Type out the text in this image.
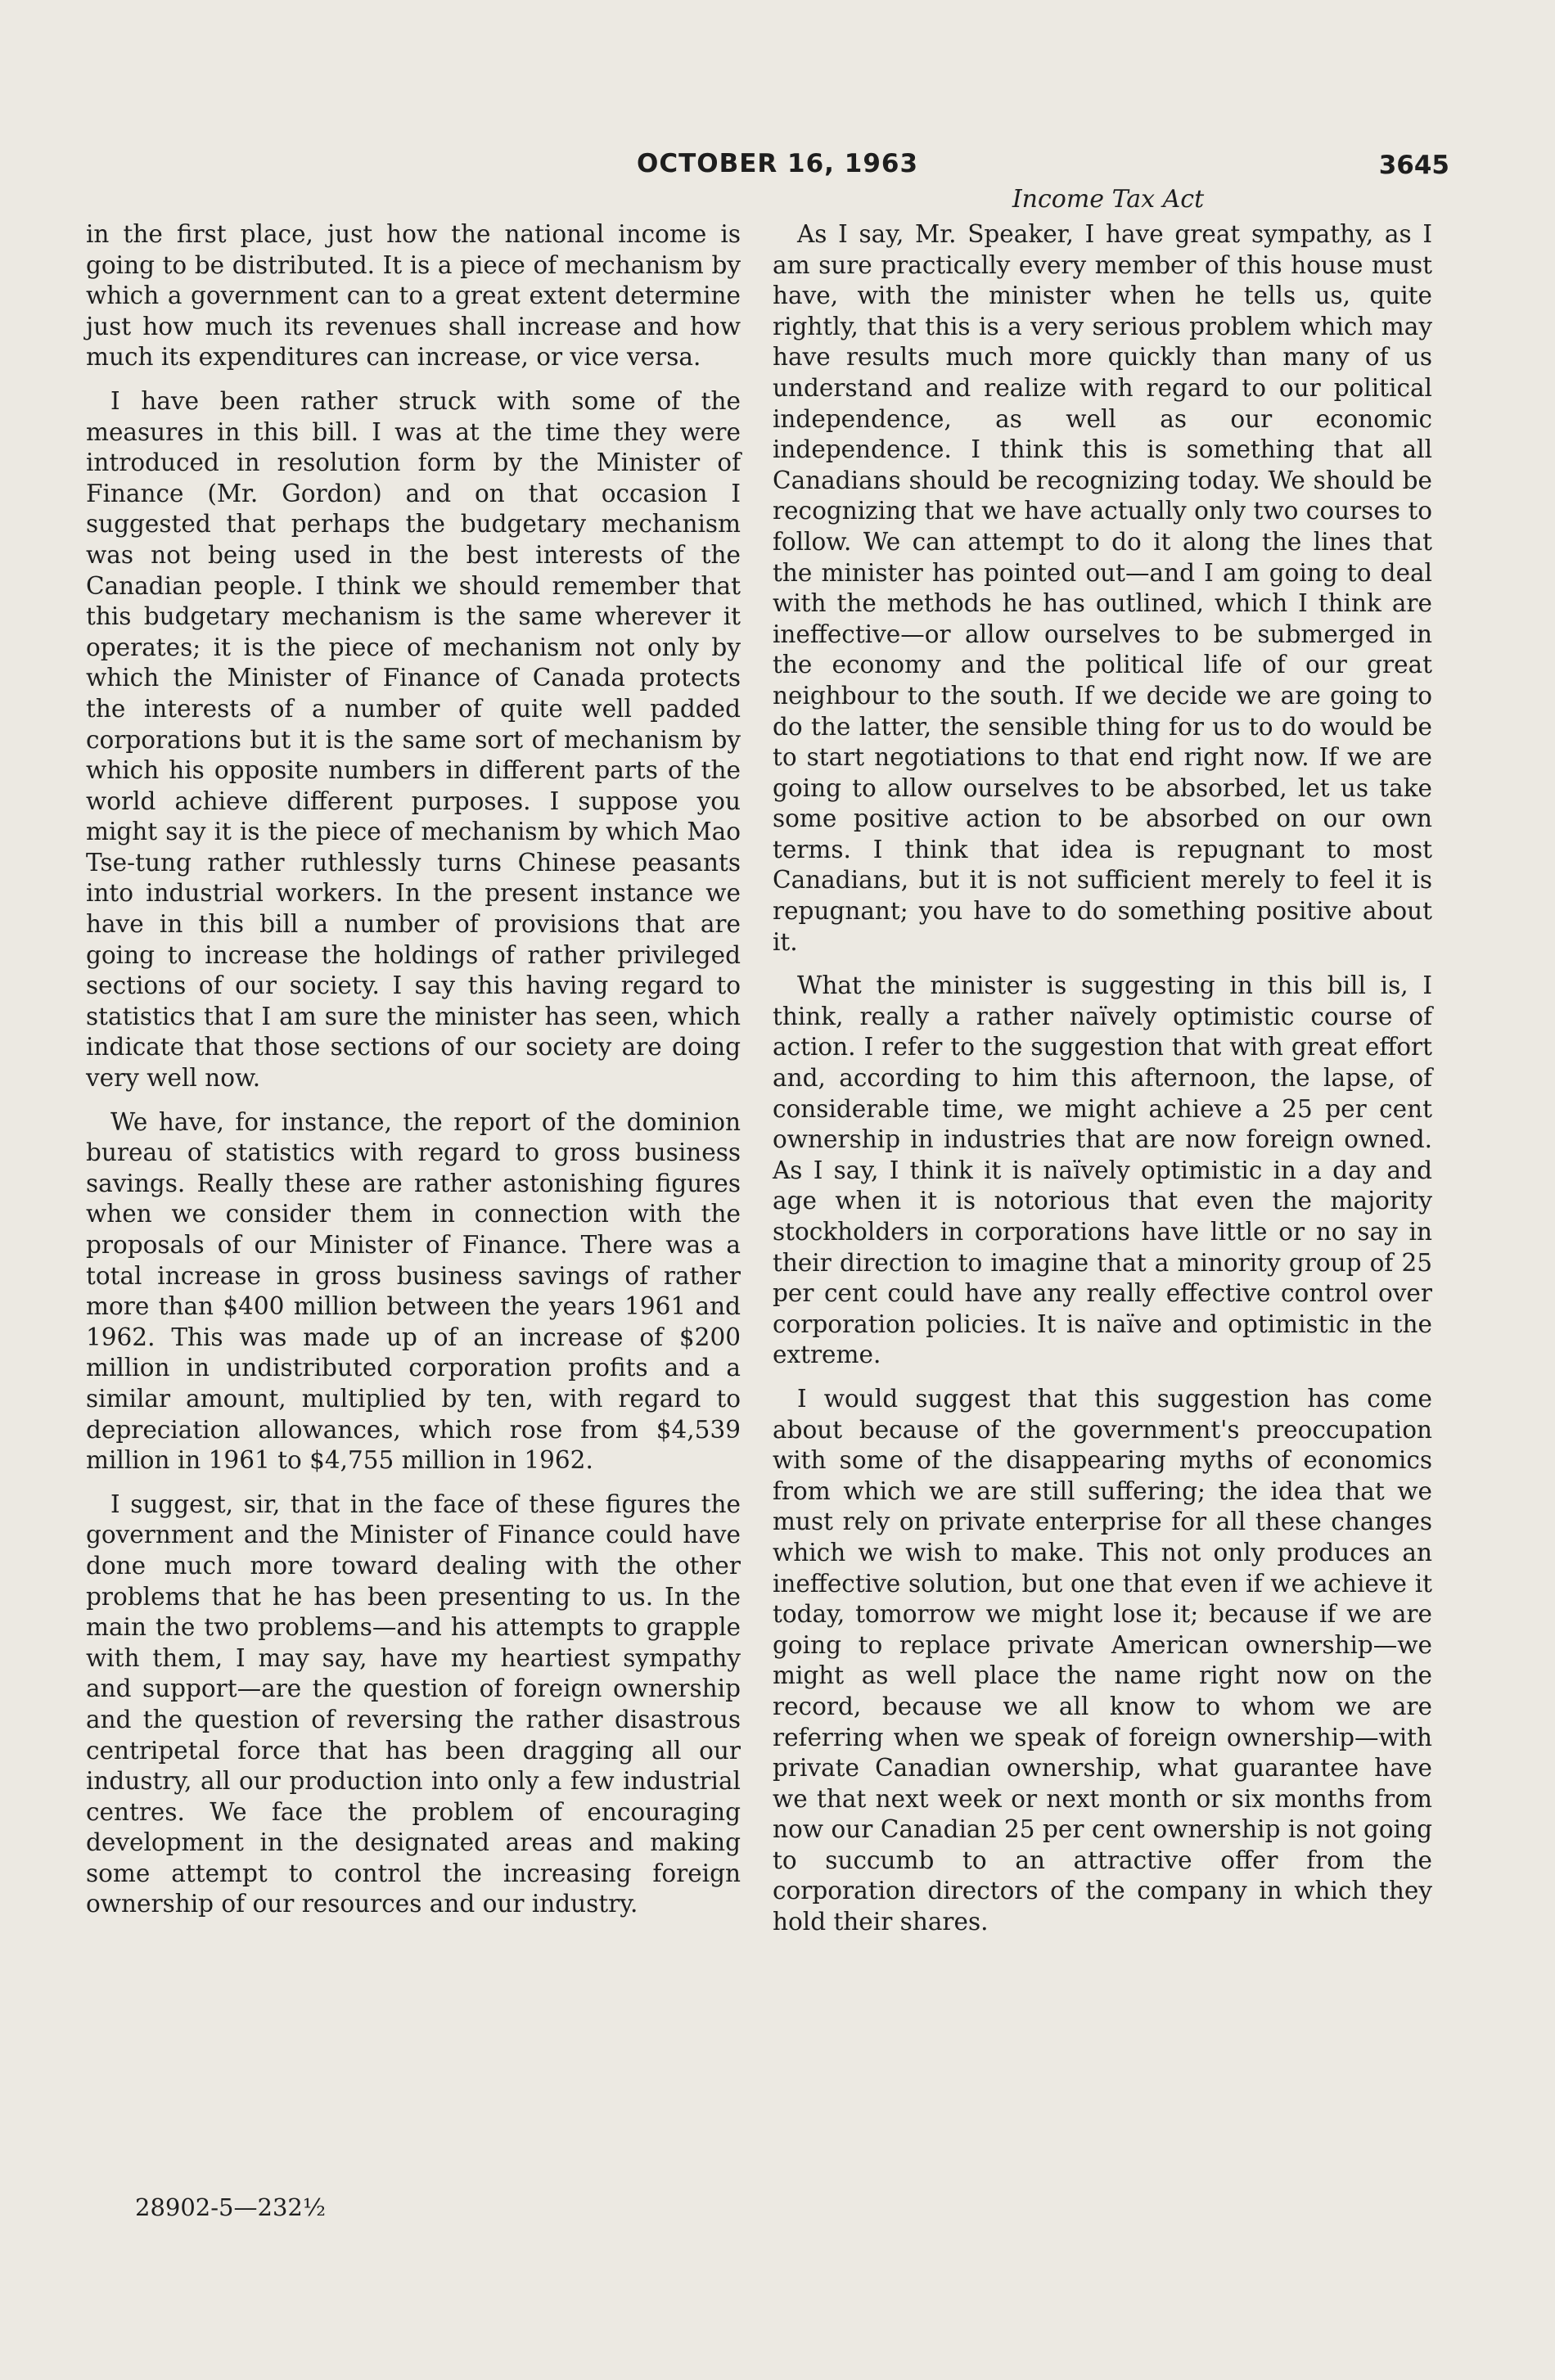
OCTOBER 16, 1963	3645
Income Tax Act

in the first place, just how the national income is going to be distributed. It is a piece of mechanism by which a government can to a great extent determine just how much its revenues shall increase and how much its expenditures can increase, or vice versa.

I have been rather struck with some of the measures in this bill. I was at the time they were introduced in resolution form by the Minister of Finance (Mr. Gordon) and on that occasion I suggested that perhaps the budgetary mechanism was not being used in the best interests of the Canadian people. I think we should remember that this budgetary mechanism is the same wherever it operates; it is the piece of mechanism not only by which the Minister of Finance of Canada protects the interests of a number of quite well padded corporations but it is the same sort of mechanism by which his opposite numbers in different parts of the world achieve different purposes. I suppose you might say it is the piece of mechanism by which Mao Tse-tung rather ruthlessly turns Chinese peasants into industrial workers. In the present instance we have in this bill a number of provisions that are going to increase the holdings of rather privileged sections of our society. I say this having regard to statistics that I am sure the minister has seen, which indicate that those sections of our society are doing very well now.

We have, for instance, the report of the dominion bureau of statistics with regard to gross business savings. Really these are rather astonishing figures when we consider them in connection with the proposals of our Minister of Finance. There was a total increase in gross business savings of rather more than $400 million between the years 1961 and 1962. This was made up of an increase of $200 million in undistributed corporation profits and a similar amount, multiplied by ten, with regard to depreciation allowances, which rose from $4,539 million in 1961 to $4,755 million in 1962.

I suggest, sir, that in the face of these figures the government and the Minister of Finance could have done much more toward dealing with the other problems that he has been presenting to us. In the main the two problems—and his attempts to grapple with them, I may say, have my heartiest sympathy and support—are the question of foreign ownership and the question of reversing the rather disastrous centripetal force that has been dragging all our industry, all our production into only a few industrial centres. We face the problem of encouraging development in the designated areas and making some attempt to control the increasing foreign ownership of our resources and our industry.

As I say, Mr. Speaker, I have great sympathy, as I am sure practically every member of this house must have, with the minister when he tells us, quite rightly, that this is a very serious problem which may have results much more quickly than many of us understand and realize with regard to our political independence, as well as our economic independence. I think this is something that all Canadians should be recognizing today. We should be recognizing that we have actually only two courses to follow. We can attempt to do it along the lines that the minister has pointed out—and I am going to deal with the methods he has outlined, which I think are ineffective—or allow ourselves to be submerged in the economy and the political life of our great neighbour to the south. If we decide we are going to do the latter, the sensible thing for us to do would be to start negotiations to that end right now. If we are going to allow ourselves to be absorbed, let us take some positive action to be absorbed on our own terms. I think that idea is repugnant to most Canadians, but it is not sufficient merely to feel it is repugnant; you have to do something positive about it.

What the minister is suggesting in this bill is, I think, really a rather naïvely optimistic course of action. I refer to the suggestion that with great effort and, according to him this afternoon, the lapse, of considerable time, we might achieve a 25 per cent ownership in industries that are now foreign owned. As I say, I think it is naïvely optimistic in a day and age when it is notorious that even the majority stockholders in corporations have little or no say in their direction to imagine that a minority group of 25 per cent could have any really effective control over corporation policies. It is naïve and optimistic in the extreme.

I would suggest that this suggestion has come about because of the government's preoccupation with some of the disappearing myths of economics from which we are still suffering; the idea that we must rely on private enterprise for all these changes which we wish to make. This not only produces an ineffective solution, but one that even if we achieve it today, tomorrow we might lose it; because if we are going to replace private American ownership—we might as well place the name right now on the record, because we all know to whom we are referring when we speak of foreign ownership—with private Canadian ownership, what guarantee have we that next week or next month or six months from now our Canadian 25 per cent ownership is not going to succumb to an attractive offer from the corporation directors of the company in which they hold their shares.

28902-5—232½
